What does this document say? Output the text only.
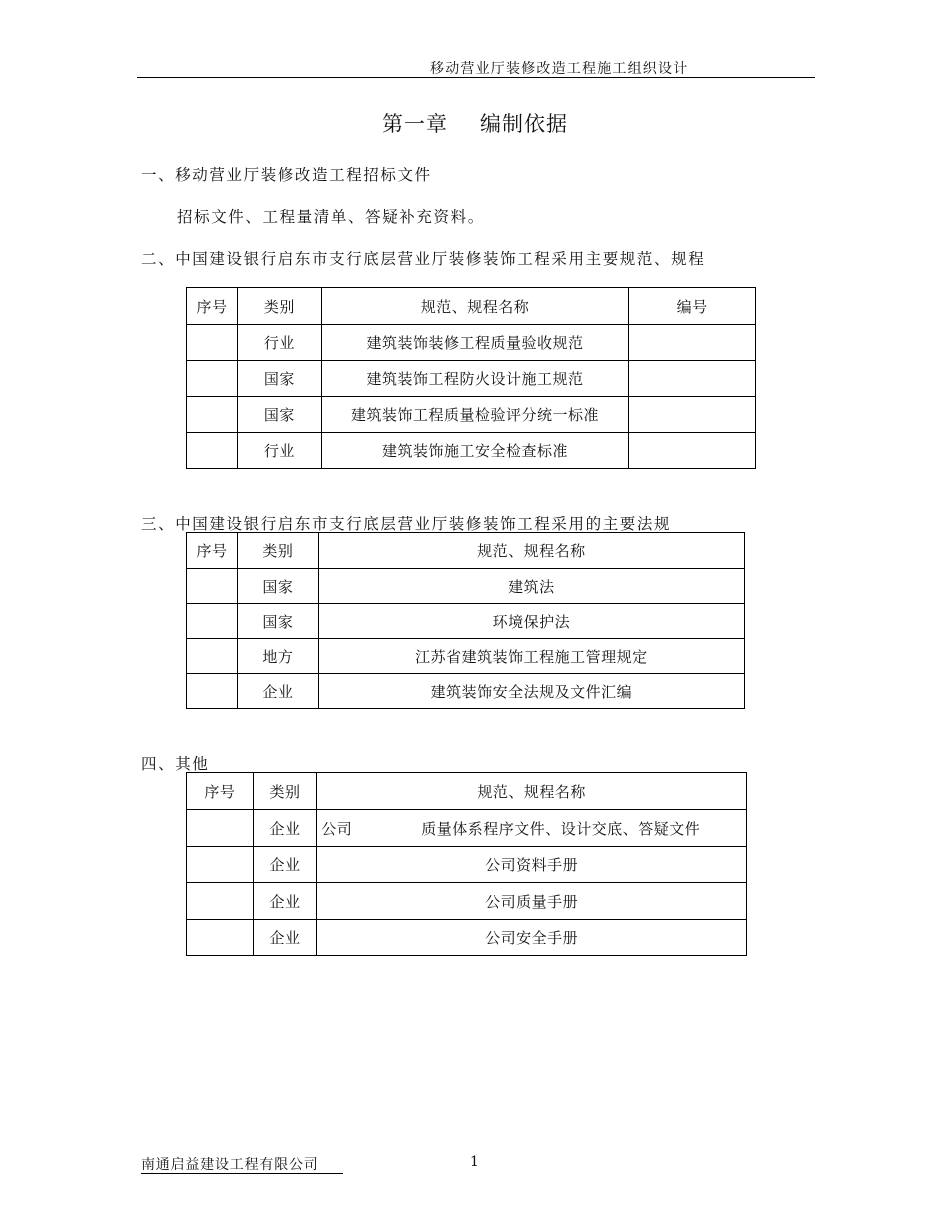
移动营业厅装修改造工程施工组织设计
第一章 编制依据
一、移动营业厅装修改造工程招标文件
招标文件、工程量清单、答疑补充资料。
二、中国建设银行启东市支行底层营业厅装修装饰工程采用主要规范、规程
序号	类别	规范、规程名称	编号
	行业	建筑装饰装修工程质量验收规范	
	国家	建筑装饰工程防火设计施工规范	
	国家	建筑装饰工程质量检验评分统一标准	
	行业	建筑装饰施工安全检查标准	
三、中国建设银行启东市支行底层营业厅装修装饰工程采用的主要法规
序号	类别	规范、规程名称
	国家	建筑法
	国家	环境保护法
	地方	江苏省建筑装饰工程施工管理规定
	企业	建筑装饰安全法规及文件汇编
四、其他
序号	类别	规范、规程名称
	企业	公司 质量体系程序文件、设计交底、答疑文件
	企业	公司资料手册
	企业	公司质量手册
	企业	公司安全手册
南通启益建设工程有限公司	1
